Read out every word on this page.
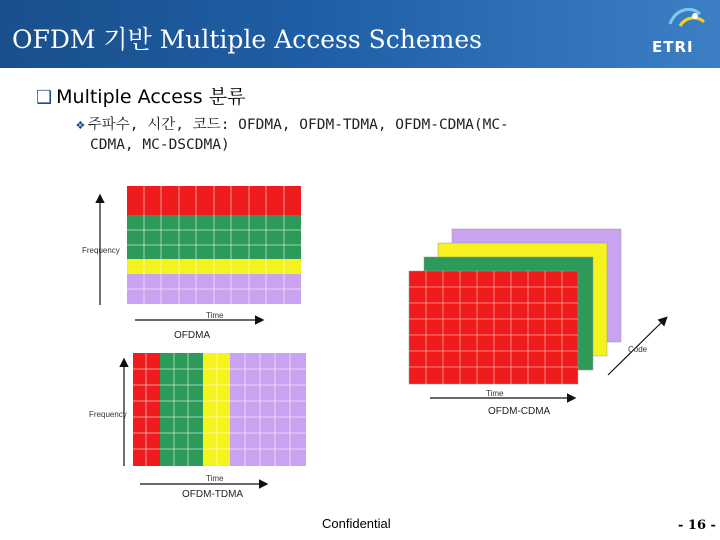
OFDM 기반 Multiple Access Schemes	ETRI
❑ Multiple Access 분류
❖ 주파수, 시간, 코드: OFDMA, OFDM-TDMA, OFDM-CDMA(MC-
CDMA, MC-DSCDMA)
Frequency
Time
OFDMA
Frequency
Time
OFDM-TDMA
Time
Code
OFDM-CDMA
Confidential	- 16 -
